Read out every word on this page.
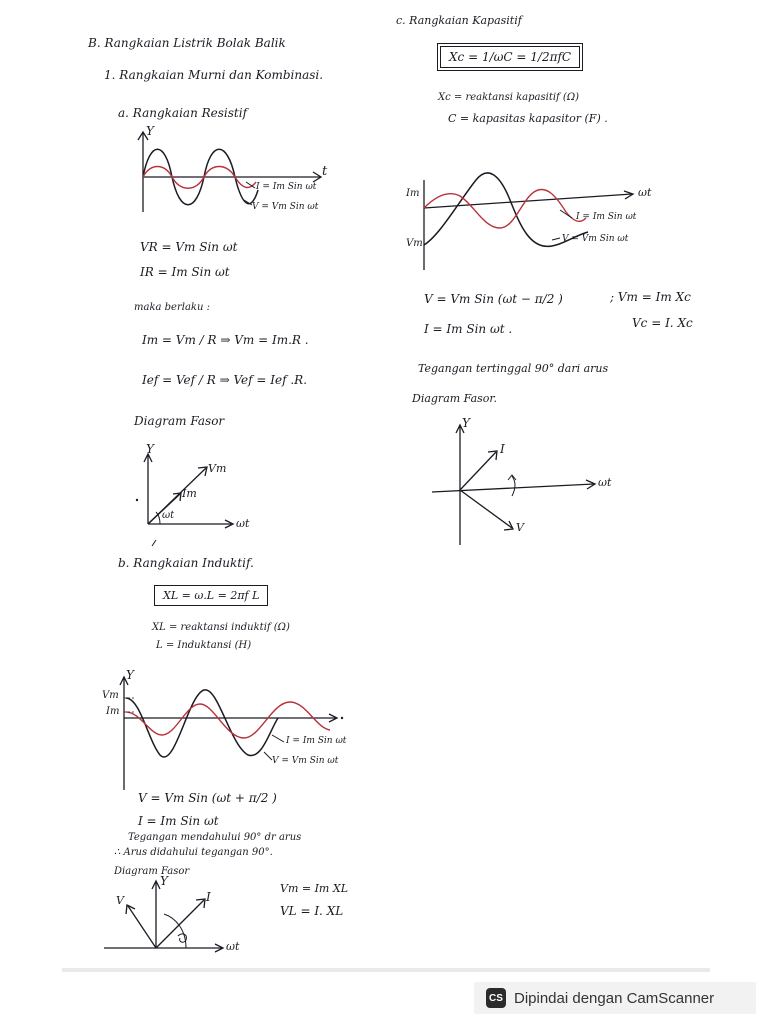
B. Rangkaian Listrik Bolak Balik
1. Rangkaian Murni dan Kombinasi.
a. Rangkaian Resistif
Y
t
I = Im Sin ωt
V = Vm Sin ωt
VR = Vm Sin ωt
IR = Im Sin ωt
maka berlaku :
Im = Vm / R ⇒ Vm = Im.R .
Ief = Vef / R ⇒ Vef = Ief .R.
Diagram Fasor
Y
Vm
Im
ωt
ωt
b. Rangkaian Induktif.
XL = ω.L = 2πf L
XL = reaktansi induktif (Ω)
L = Induktansi (H)
Y
Vm
Im
I = Im Sin ωt
V = Vm Sin ωt
V = Vm Sin (ωt + π/2 )
I = Im Sin ωt
Tegangan mendahului 90° dr arus
∴ Arus didahului tegangan 90°.
Diagram Fasor
Y
V	I
ωt
Vm = Im XL
VL = I. XL
c. Rangkaian Kapasitif
Xc = 1/ωC = 1/2πfC
Xc = reaktansi kapasitif (Ω)
C = kapasitas kapasitor (F) .
Im
Vm
ωt
I = Im Sin ωt
V = Vm Sin ωt
V = Vm Sin (ωt − π/2 )	; Vm = Im Xc
I = Im Sin ωt .	Vc = I. Xc
Tegangan tertinggal 90° dari arus
Diagram Fasor.
Y
I
V
ωt
CS Dipindai dengan CamScanner
